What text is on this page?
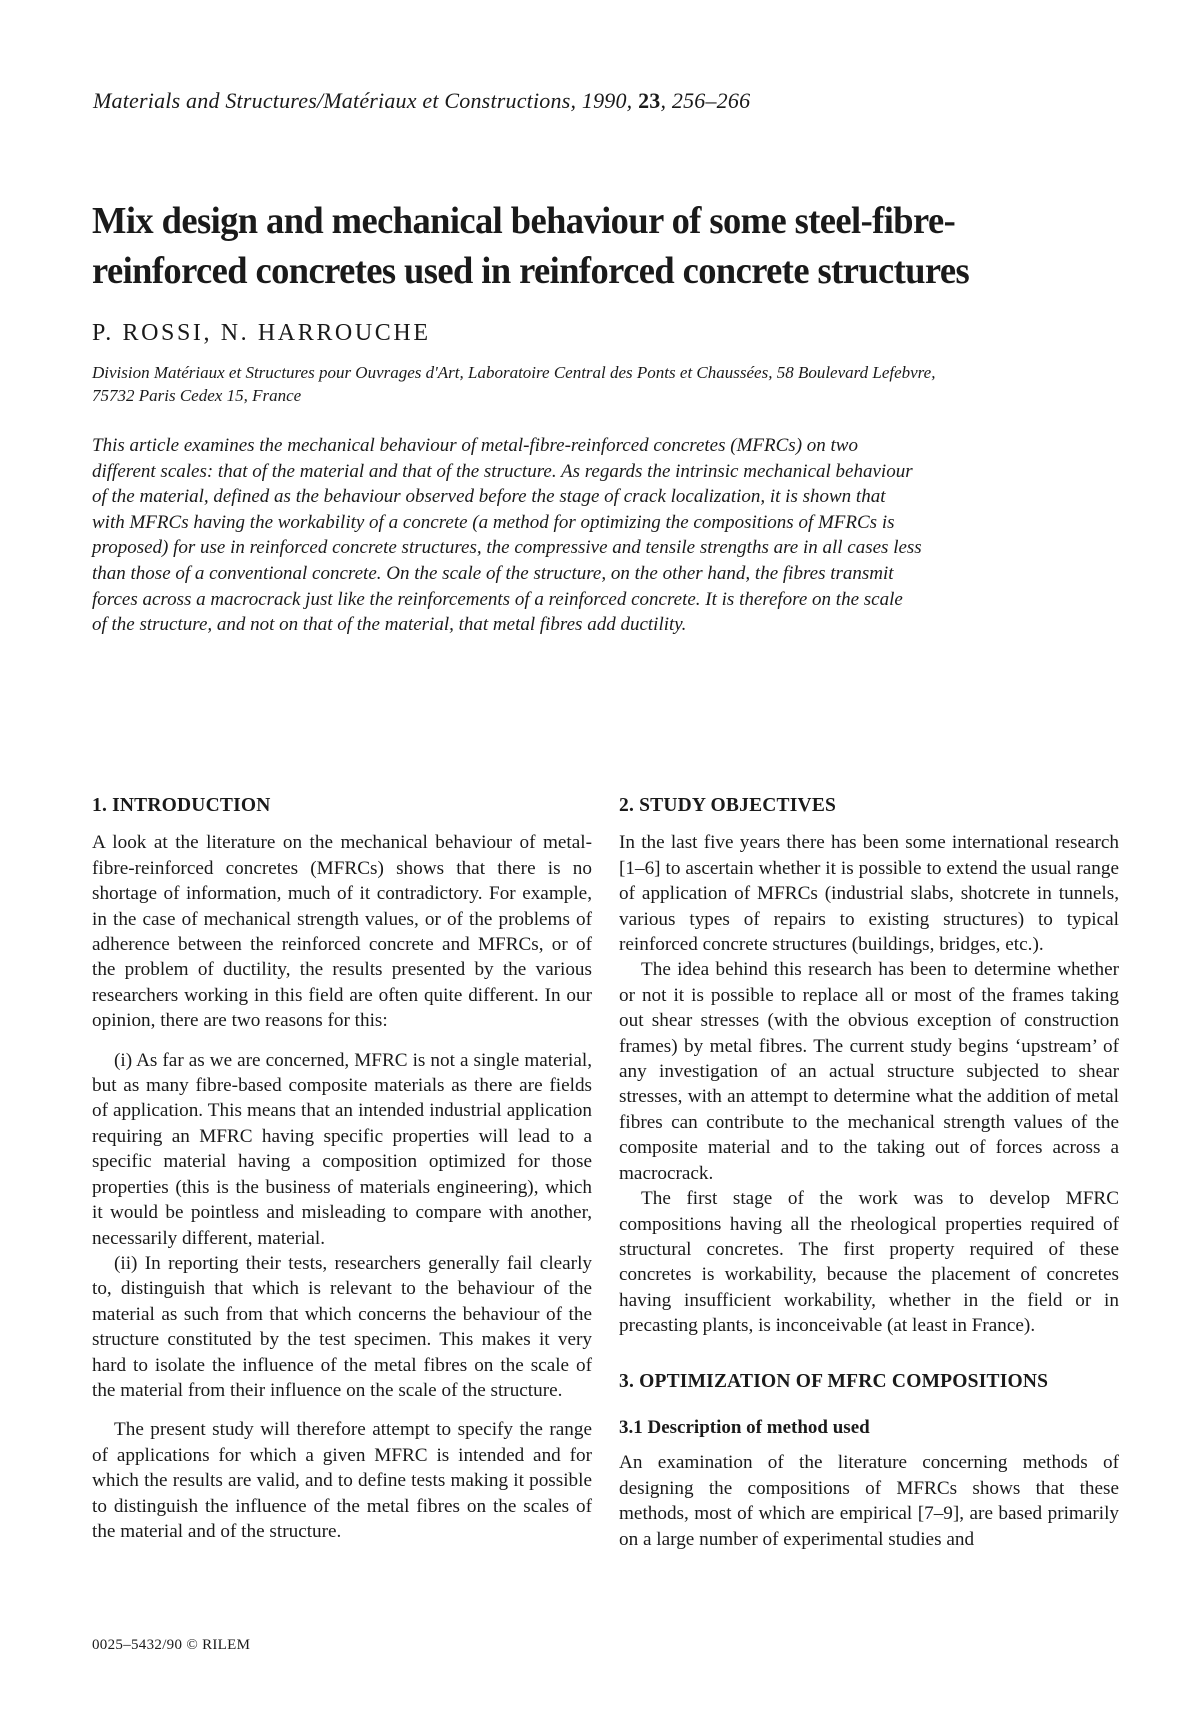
Materials and Structures/Matériaux et Constructions, 1990, 23, 256–266
Mix design and mechanical behaviour of some steel-fibre-reinforced concretes used in reinforced concrete structures
P. ROSSI, N. HARROUCHE
Division Matériaux et Structures pour Ouvrages d'Art, Laboratoire Central des Ponts et Chaussées, 58 Boulevard Lefebvre, 75732 Paris Cedex 15, France
This article examines the mechanical behaviour of metal-fibre-reinforced concretes (MFRCs) on two different scales: that of the material and that of the structure. As regards the intrinsic mechanical behaviour of the material, defined as the behaviour observed before the stage of crack localization, it is shown that with MFRCs having the workability of a concrete (a method for optimizing the compositions of MFRCs is proposed) for use in reinforced concrete structures, the compressive and tensile strengths are in all cases less than those of a conventional concrete. On the scale of the structure, on the other hand, the fibres transmit forces across a macrocrack just like the reinforcements of a reinforced concrete. It is therefore on the scale of the structure, and not on that of the material, that metal fibres add ductility.
1. INTRODUCTION

A look at the literature on the mechanical behaviour of metal-fibre-reinforced concretes (MFRCs) shows that there is no shortage of information, much of it contradictory. For example, in the case of mechanical strength values, or of the problems of adherence between the reinforced concrete and MFRCs, or of the problem of ductility, the results presented by the various researchers working in this field are often quite different. In our opinion, there are two reasons for this:

(i) As far as we are concerned, MFRC is not a single material, but as many fibre-based composite materials as there are fields of application. This means that an intended industrial application requiring an MFRC having specific properties will lead to a specific material having a composition optimized for those properties (this is the business of materials engineering), which it would be pointless and misleading to compare with another, necessarily different, material.

(ii) In reporting their tests, researchers generally fail clearly to, distinguish that which is relevant to the behaviour of the material as such from that which concerns the behaviour of the structure constituted by the test specimen. This makes it very hard to isolate the influence of the metal fibres on the scale of the material from their influence on the scale of the structure.

The present study will therefore attempt to specify the range of applications for which a given MFRC is intended and for which the results are valid, and to define tests making it possible to distinguish the influence of the metal fibres on the scales of the material and of the structure.

2. STUDY OBJECTIVES

In the last five years there has been some international research [1–6] to ascertain whether it is possible to extend the usual range of application of MFRCs (industrial slabs, shotcrete in tunnels, various types of repairs to existing structures) to typical reinforced concrete structures (buildings, bridges, etc.).

The idea behind this research has been to determine whether or not it is possible to replace all or most of the frames taking out shear stresses (with the obvious exception of construction frames) by metal fibres. The current study begins ‘upstream’ of any investigation of an actual structure subjected to shear stresses, with an attempt to determine what the addition of metal fibres can contribute to the mechanical strength values of the composite material and to the taking out of forces across a macrocrack.

The first stage of the work was to develop MFRC compositions having all the rheological properties required of structural concretes. The first property required of these concretes is workability, because the placement of concretes having insufficient workability, whether in the field or in precasting plants, is inconceivable (at least in France).

3. OPTIMIZATION OF MFRC COMPOSITIONS
3.1 Description of method used

An examination of the literature concerning methods of designing the compositions of MFRCs shows that these methods, most of which are empirical [7–9], are based primarily on a large number of experimental studies and

0025–5432/90 © RILEM
